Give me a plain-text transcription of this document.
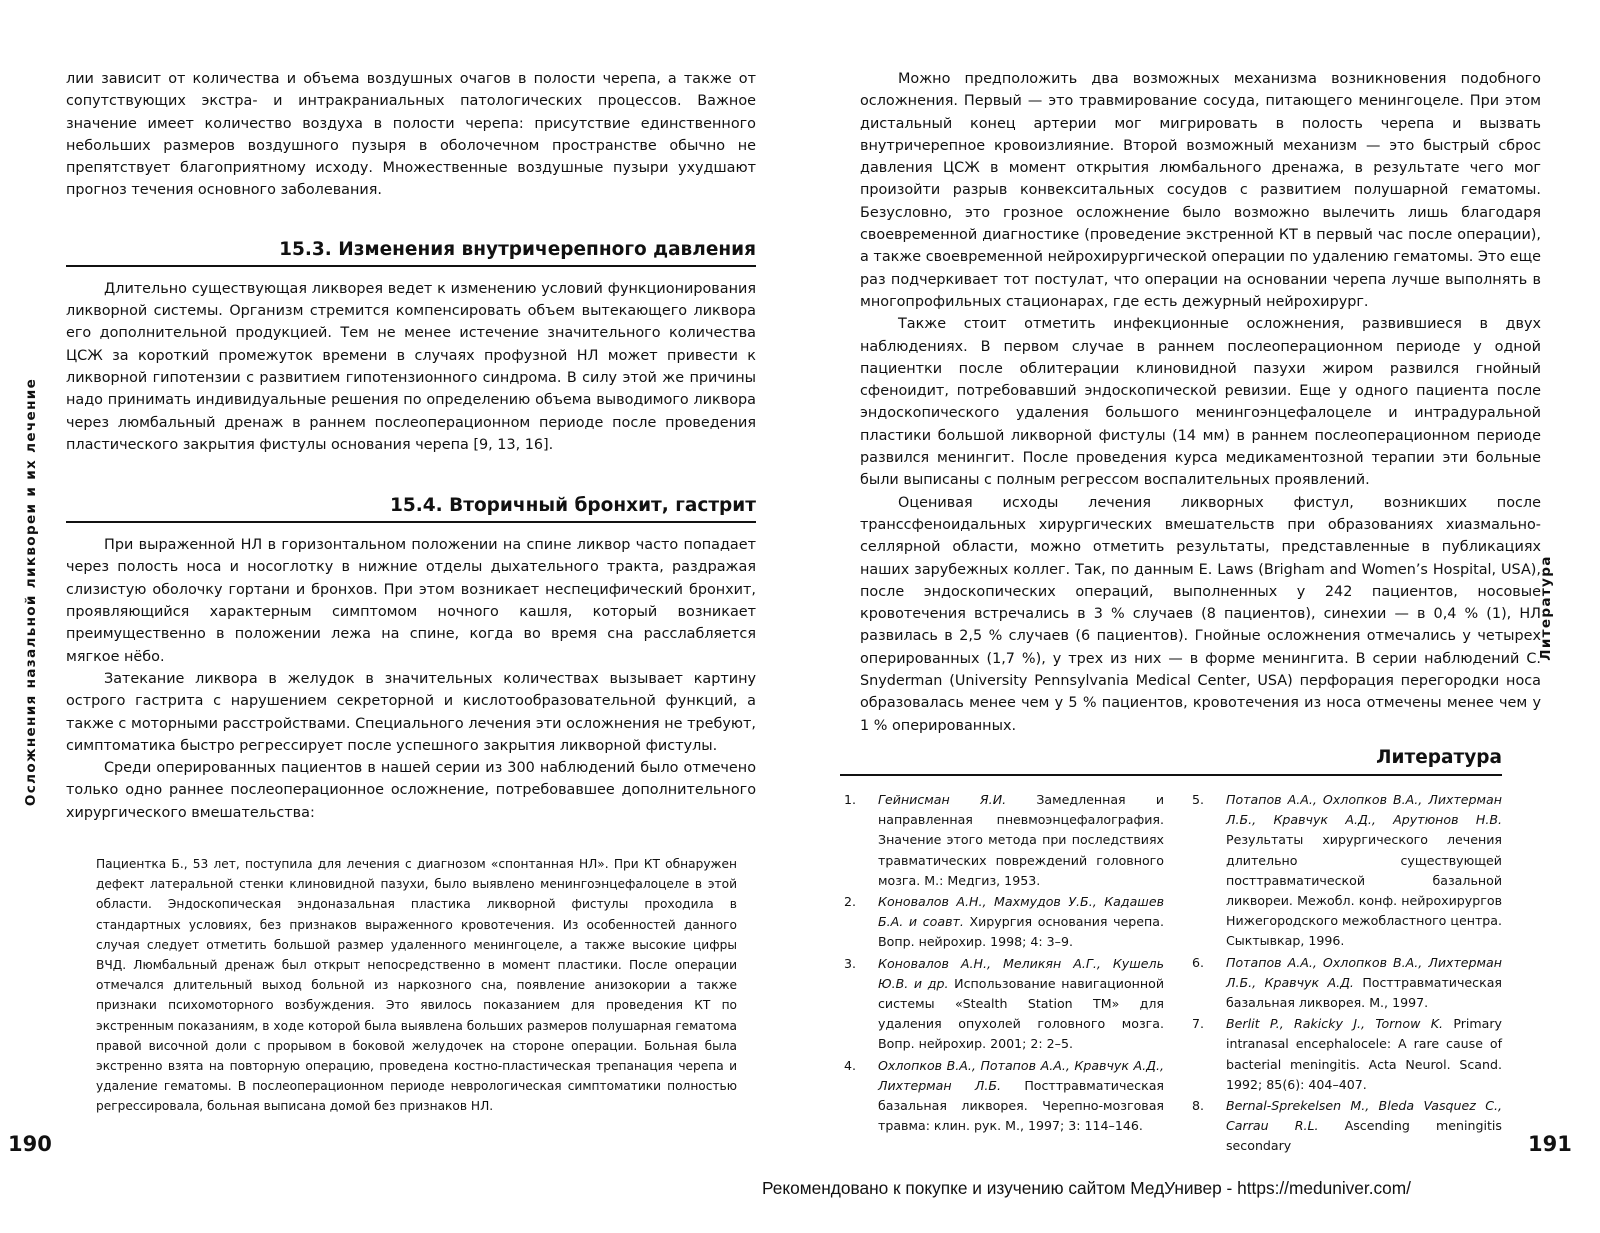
лии зависит от количества и объема воздушных очагов в полости черепа, а также от сопутствующих экстра- и интракраниальных патологических процессов. Важное значение имеет количество воздуха в полости черепа: присутствие единственного небольших размеров воздушного пузыря в оболочечном пространстве обычно не препятствует благоприятному исходу. Множественные воздушные пузыри ухудшают прогноз течения основного заболевания.

15.3. Изменения внутричерепного давления

Длительно существующая ликворея ведет к изменению условий функционирования ликворной системы. Организм стремится компенсировать объем вытекающего ликвора его дополнительной продукцией. Тем не менее истечение значительного количества ЦСЖ за короткий промежуток времени в случаях профузной НЛ может привести к ликворной гипотензии с развитием гипотензионного синдрома. В силу этой же причины надо принимать индивидуальные решения по определению объема выводимого ликвора через люмбальный дренаж в раннем послеоперационном периоде после проведения пластического закрытия фистулы основания черепа [9, 13, 16].

15.4. Вторичный бронхит, гастрит

При выраженной НЛ в горизонтальном положении на спине ликвор часто попадает через полость носа и носоглотку в нижние отделы дыхательного тракта, раздражая слизистую оболочку гортани и бронхов. При этом возникает неспецифический бронхит, проявляющийся характерным симптомом ночного кашля, который возникает преимущественно в положении лежа на спине, когда во время сна расслабляется мягкое нёбо.

Затекание ликвора в желудок в значительных количествах вызывает картину острого гастрита с нарушением секреторной и кислотообразовательной функций, а также с моторными расстройствами. Специального лечения эти осложнения не требуют, симптоматика быстро регрессирует после успешного закрытия ликворной фистулы.

Среди оперированных пациентов в нашей серии из 300 наблюдений было отмечено только одно раннее послеоперационное осложнение, потребовавшее дополнительного хирургического вмешательства:

Пациентка Б., 53 лет, поступила для лечения с диагнозом «спонтанная НЛ». При КТ обнаружен дефект латеральной стенки клиновидной пазухи, было выявлено менингоэнцефалоцеле в этой области. Эндоскопическая эндоназальная пластика ликворной фистулы проходила в стандартных условиях, без признаков выраженного кровотечения. Из особенностей данного случая следует отметить большой размер удаленного менингоцеле, а также высокие цифры ВЧД. Люмбальный дренаж был открыт непосредственно в момент пластики. После операции отмечался длительный выход больной из наркозного сна, появление анизокории а также признаки психомоторного возбуждения. Это явилось показанием для проведения КТ по экстренным показаниям, в ходе которой была выявлена больших размеров полушарная гематома правой височной доли с прорывом в боковой желудочек на стороне операции. Больная была экстренно взята на повторную операцию, проведена костно-пластическая трепанация черепа и удаление гематомы. В послеоперационном периоде неврологическая симптоматики полностью регрессировала, больная выписана домой без признаков НЛ.

Осложнения назальной ликвореи и их лечение
190

Можно предположить два возможных механизма возникновения подобного осложнения. Первый — это травмирование сосуда, питающего менингоцеле. При этом дистальный конец артерии мог мигрировать в полость черепа и вызвать внутричерепное кровоизлияние. Второй возможный механизм — это быстрый сброс давления ЦСЖ в момент открытия люмбального дренажа, в результате чего мог произойти разрыв конвекситальных сосудов с развитием полушарной гематомы. Безусловно, это грозное осложнение было возможно вылечить лишь благодаря своевременной диагностике (проведение экстренной КТ в первый час после операции), а также своевременной нейрохирургической операции по удалению гематомы. Это еще раз подчеркивает тот постулат, что операции на основании черепа лучше выполнять в многопрофильных стационарах, где есть дежурный нейрохирург.

Также стоит отметить инфекционные осложнения, развившиеся в двух наблюдениях. В первом случае в раннем послеоперационном периоде у одной пациентки после облитерации клиновидной пазухи жиром развился гнойный сфеноидит, потребовавший эндоскопической ревизии. Еще у одного пациента после эндоскопического удаления большого менингоэнцефалоцеле и интрадуральной пластики большой ликворной фистулы (14 мм) в раннем послеоперационном периоде развился менингит. После проведения курса медикаментозной терапии эти больные были выписаны с полным регрессом воспалительных проявлений.

Оценивая исходы лечения ликворных фистул, возникших после транссфеноидальных хирургических вмешательств при образованиях хиазмально-селлярной области, можно отметить результаты, представленные в публикациях наших зарубежных коллег. Так, по данным E. Laws (Brigham and Women’s Hospital, USA), после эндоскопических операций, выполненных у 242 пациентов, носовые кровотечения встречались в 3 % случаев (8 пациентов), синехии — в 0,4 % (1), НЛ развилась в 2,5 % случаев (6 пациентов). Гнойные осложнения отмечались у четырех оперированных (1,7 %), у трех из них — в форме менингита. В серии наблюдений C. Snyderman (University Pennsylvania Medical Center, USA) перфорация перегородки носа образовалась менее чем у 5 % пациентов, кровотечения из носа отмечены менее чем у 1 % оперированных.

Литература
1. Гейнисман Я.И. Замедленная и направленная пневмоэнцефалография. Значение этого метода при последствиях травматических повреждений головного мозга. М.: Медгиз, 1953.
2. Коновалов А.Н., Махмудов У.Б., Кадашев Б.А. и соавт. Хирургия основания черепа. Вопр. нейрохир. 1998; 4: 3–9.
3. Коновалов А.Н., Меликян А.Г., Кушель Ю.В. и др. Использование навигационной системы «Stealth Station TM» для удаления опухолей головного мозга. Вопр. нейрохир. 2001; 2: 2–5.
4. Охлопков В.А., Потапов А.А., Кравчук А.Д., Лихтерман Л.Б. Посттравматическая базальная ликворея. Черепно-мозговая травма: клин. рук. М., 1997; 3: 114–146.
5. Потапов А.А., Охлопков В.А., Лихтерман Л.Б., Кравчук А.Д., Арутюнов Н.В. Результаты хирургического лечения длительно существующей посттравматической базальной ликвореи. Межобл. конф. нейрохирургов Нижегородского межобластного центра. Сыктывкар, 1996.
6. Потапов А.А., Охлопков В.А., Лихтерман Л.Б., Кравчук А.Д. Посттравматическая базальная ликворея. М., 1997.
7. Berlit P., Rakicky J., Tornow K. Primary intranasal encephalocele: A rare cause of bacterial meningitis. Acta Neurol. Scand. 1992; 85(6): 404–407.
8. Bernal-Sprekelsen M., Bleda Vasquez C., Carrau R.L. Ascending meningitis secondary
Литература
191
Рекомендовано к покупке и изучению сайтом МедУнивер - https://meduniver.com/
